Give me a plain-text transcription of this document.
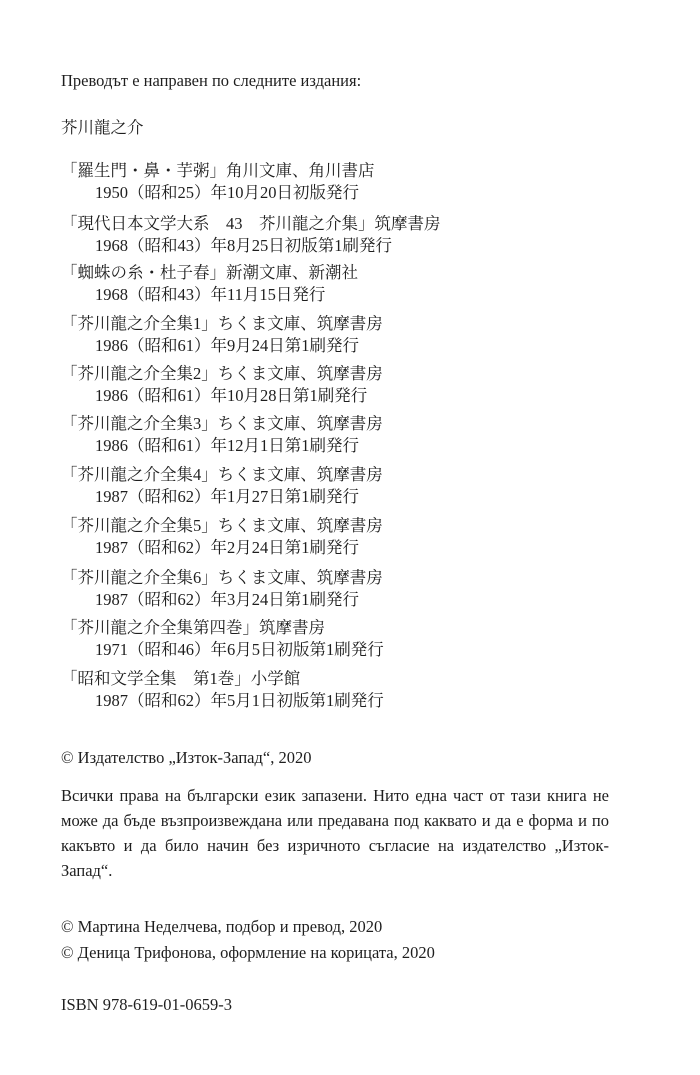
Преводът е направен по следните издания:
芥川龍之介
「羅生門・鼻・芋粥」角川文庫、角川書店
1950（昭和25）年10月20日初版発行
「現代日本文学大系　43　芥川龍之介集」筑摩書房
1968（昭和43）年8月25日初版第1刷発行
「蜘蛛の糸・杜子春」新潮文庫、新潮社
1968（昭和43）年11月15日発行
「芥川龍之介全集1」ちくま文庫、筑摩書房
1986（昭和61）年9月24日第1刷発行
「芥川龍之介全集2」ちくま文庫、筑摩書房
1986（昭和61）年10月28日第1刷発行
「芥川龍之介全集3」ちくま文庫、筑摩書房
1986（昭和61）年12月1日第1刷発行
「芥川龍之介全集4」ちくま文庫、筑摩書房
1987（昭和62）年1月27日第1刷発行
「芥川龍之介全集5」ちくま文庫、筑摩書房
1987（昭和62）年2月24日第1刷発行
「芥川龍之介全集6」ちくま文庫、筑摩書房
1987（昭和62）年3月24日第1刷発行
「芥川龍之介全集第四巻」筑摩書房
1971（昭和46）年6月5日初版第1刷発行
「昭和文学全集　第1巻」小学館
1987（昭和62）年5月1日初版第1刷発行
© Издателство „Изток-Запад“, 2020
Всички права на български език запазени. Нито една част от тази книга не може да бъде възпроизвеждана или предавана под каквато и да е форма и по какъвто и да било начин без изричното съгласие на издателство „Изток-Запад“.
© Мартина Неделчева, подбор и превод, 2020
© Деница Трифонова, оформление на корицата, 2020
ISBN 978-619-01-0659-3
